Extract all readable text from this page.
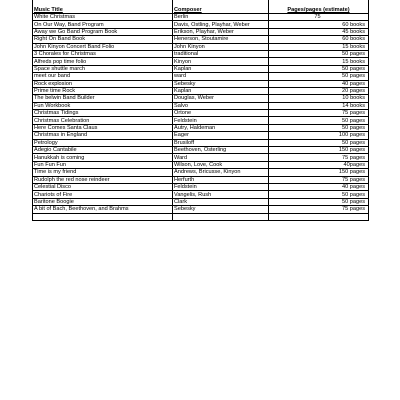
Music Title	Composer	Pages/pages (estimate)
White Christmas	Berlin	75
On Our Way, Band Program	Davis, Ostling, Playhar, Weber	60 books
Away we Go Band Program Book	Erikson, Playhar, Weber	45 books
Right On Band Book	Henerson, Stoutamire	60 books
John Kinyon Concert Band Folio	John Kinyon	15 books
3 Chorales for Christmas	traditional	50 pages
Alfreds pop time folio	Kinyon	15 books
Space shuttle march	Kaplan	50 pages
meet our band	ward	50 pages
Rock explosion	Sebesky	40 pages
Prime time Rock	Kaplan	20 pages
The belwin Band Builder	Douglas, Weber	10 books
Fun Workbook	Salvo	14 books
Christmas Tidings	Ortone	75 pages
Christmas Celebration	Feldstein	50 pages
Here Comes Santa Claus	Autry, Haldeman	50 pages
Christmas in England	Eager	100 pages
Petrology	Brusiloff	50 pages
Adegio Cantabile	Beethoven, Osterling	150 pages
Hanukkah is coming	Ward	75 pages
Fun Fun Fun	Wilson, Love, Cook	40pages
Time is my friend	Andrews, Bricusse, Kinyon	150 pages
Rudolph the red nose reindeer	Herfurth	75 pages
Celestial Disco	Feldstein	40 pages
Chariots of Fire	Vangelis, Rush	50 pages
Baritone Boogie	Clark	50 pages
A bit of Bach, Beethoven, and Brahms	Sebesky	75 pages
